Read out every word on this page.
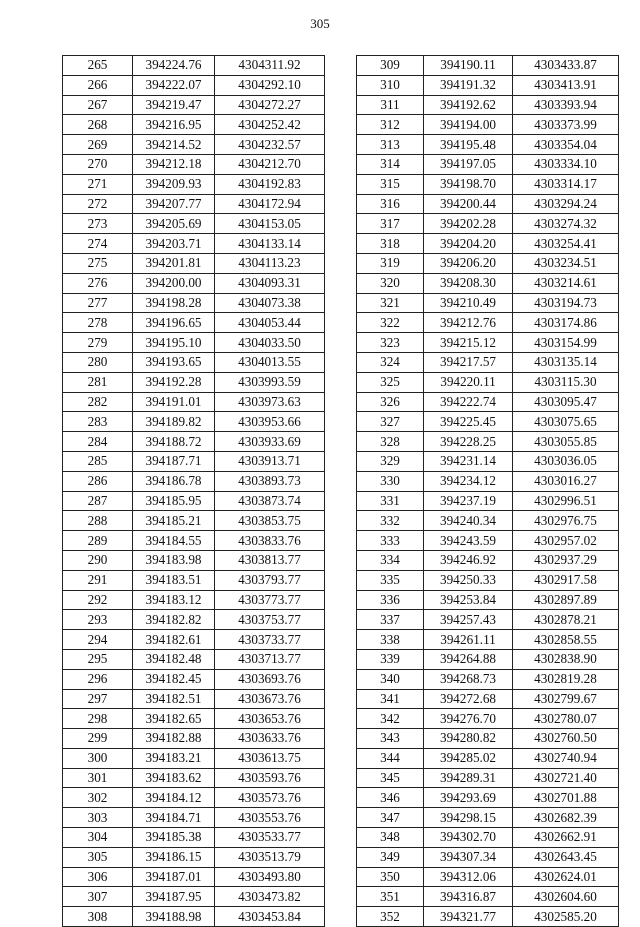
305
265	394224.76	4304311.92
266	394222.07	4304292.10
267	394219.47	4304272.27
268	394216.95	4304252.42
269	394214.52	4304232.57
270	394212.18	4304212.70
271	394209.93	4304192.83
272	394207.77	4304172.94
273	394205.69	4304153.05
274	394203.71	4304133.14
275	394201.81	4304113.23
276	394200.00	4304093.31
277	394198.28	4304073.38
278	394196.65	4304053.44
279	394195.10	4304033.50
280	394193.65	4304013.55
281	394192.28	4303993.59
282	394191.01	4303973.63
283	394189.82	4303953.66
284	394188.72	4303933.69
285	394187.71	4303913.71
286	394186.78	4303893.73
287	394185.95	4303873.74
288	394185.21	4303853.75
289	394184.55	4303833.76
290	394183.98	4303813.77
291	394183.51	4303793.77
292	394183.12	4303773.77
293	394182.82	4303753.77
294	394182.61	4303733.77
295	394182.48	4303713.77
296	394182.45	4303693.76
297	394182.51	4303673.76
298	394182.65	4303653.76
299	394182.88	4303633.76
300	394183.21	4303613.75
301	394183.62	4303593.76
302	394184.12	4303573.76
303	394184.71	4303553.76
304	394185.38	4303533.77
305	394186.15	4303513.79
306	394187.01	4303493.80
307	394187.95	4303473.82
308	394188.98	4303453.84
309	394190.11	4303433.87
310	394191.32	4303413.91
311	394192.62	4303393.94
312	394194.00	4303373.99
313	394195.48	4303354.04
314	394197.05	4303334.10
315	394198.70	4303314.17
316	394200.44	4303294.24
317	394202.28	4303274.32
318	394204.20	4303254.41
319	394206.20	4303234.51
320	394208.30	4303214.61
321	394210.49	4303194.73
322	394212.76	4303174.86
323	394215.12	4303154.99
324	394217.57	4303135.14
325	394220.11	4303115.30
326	394222.74	4303095.47
327	394225.45	4303075.65
328	394228.25	4303055.85
329	394231.14	4303036.05
330	394234.12	4303016.27
331	394237.19	4302996.51
332	394240.34	4302976.75
333	394243.59	4302957.02
334	394246.92	4302937.29
335	394250.33	4302917.58
336	394253.84	4302897.89
337	394257.43	4302878.21
338	394261.11	4302858.55
339	394264.88	4302838.90
340	394268.73	4302819.28
341	394272.68	4302799.67
342	394276.70	4302780.07
343	394280.82	4302760.50
344	394285.02	4302740.94
345	394289.31	4302721.40
346	394293.69	4302701.88
347	394298.15	4302682.39
348	394302.70	4302662.91
349	394307.34	4302643.45
350	394312.06	4302624.01
351	394316.87	4302604.60
352	394321.77	4302585.20
